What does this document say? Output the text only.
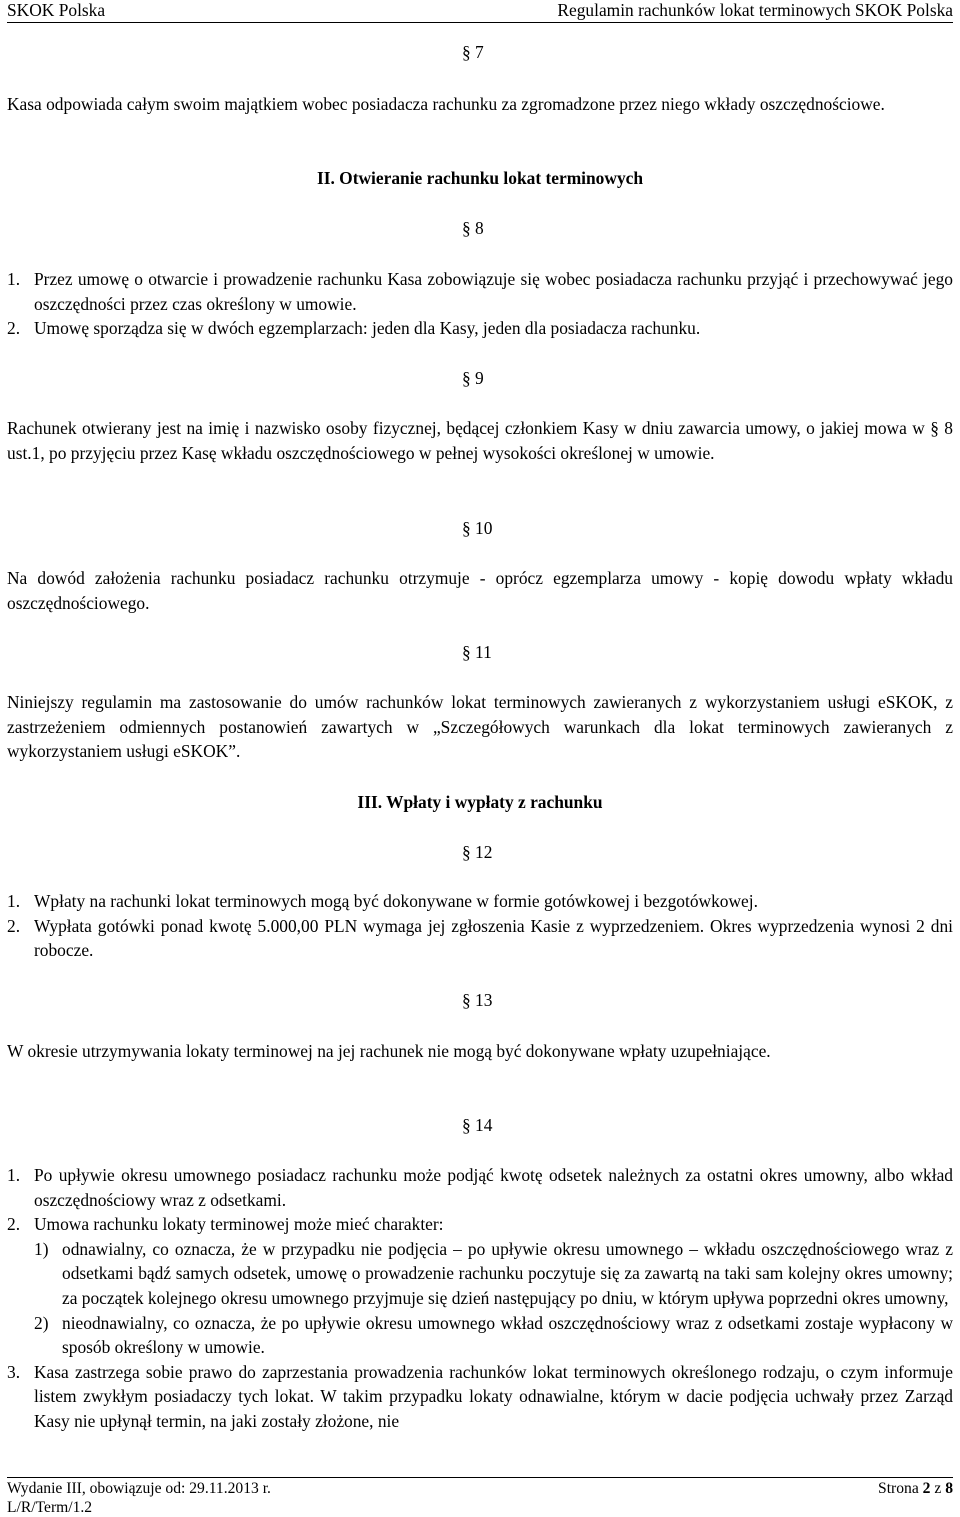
SKOK Polska	Regulamin rachunków lokat terminowych SKOK Polska
§ 7
Kasa odpowiada całym swoim majątkiem wobec posiadacza rachunku za zgromadzone przez niego wkłady oszczędnościowe.
II. Otwieranie rachunku lokat terminowych
§ 8
1. Przez umowę o otwarcie i prowadzenie rachunku Kasa zobowiązuje się wobec posiadacza rachunku przyjąć i przechowywać jego oszczędności przez czas określony w umowie.
2. Umowę sporządza się w dwóch egzemplarzach: jeden dla Kasy, jeden dla posiadacza rachunku.
§ 9
Rachunek otwierany jest na imię i nazwisko osoby fizycznej, będącej członkiem Kasy w dniu zawarcia umowy, o jakiej mowa w § 8 ust.1, po przyjęciu przez Kasę wkładu oszczędnościowego w pełnej wysokości określonej w umowie.
§ 10
Na dowód założenia rachunku posiadacz rachunku otrzymuje - oprócz egzemplarza umowy - kopię dowodu wpłaty wkładu oszczędnościowego.
§ 11
Niniejszy regulamin ma zastosowanie do umów rachunków lokat terminowych zawieranych z wykorzystaniem usługi eSKOK, z zastrzeżeniem odmiennych postanowień zawartych w „Szczegółowych warunkach dla lokat terminowych zawieranych z wykorzystaniem usługi eSKOK”.
III. Wpłaty i wypłaty z rachunku
§ 12
1. Wpłaty na rachunki lokat terminowych mogą być dokonywane w formie gotówkowej i bezgotówkowej.
2. Wypłata gotówki ponad kwotę 5.000,00 PLN wymaga jej zgłoszenia Kasie z wyprzedzeniem. Okres wyprzedzenia wynosi 2 dni robocze.
§ 13
W okresie utrzymywania lokaty terminowej na jej rachunek nie mogą być dokonywane wpłaty uzupełniające.
§ 14
1. Po upływie okresu umownego posiadacz rachunku może podjąć kwotę odsetek należnych za ostatni okres umowny, albo wkład oszczędnościowy wraz z odsetkami.
2. Umowa rachunku lokaty terminowej może mieć charakter:
1) odnawialny, co oznacza, że w przypadku nie podjęcia – po upływie okresu umownego – wkładu oszczędnościowego wraz z odsetkami bądź samych odsetek, umowę o prowadzenie rachunku poczytuje się za zawartą na taki sam kolejny okres umowny; za początek kolejnego okresu umownego przyjmuje się dzień następujący po dniu, w którym upływa poprzedni okres umowny,
2) nieodnawialny, co oznacza, że po upływie okresu umownego wkład oszczędnościowy wraz z odsetkami zostaje wypłacony w sposób określony w umowie.
3. Kasa zastrzega sobie prawo do zaprzestania prowadzenia rachunków lokat terminowych określonego rodzaju, o czym informuje listem zwykłym posiadaczy tych lokat. W takim przypadku lokaty odnawialne, którym w dacie podjęcia uchwały przez Zarząd Kasy nie upłynął termin, na jaki zostały złożone, nie
Wydanie III, obowiązuje od: 29.11.2013 r.
L/R/Term/1.2
Strona 2 z 8
